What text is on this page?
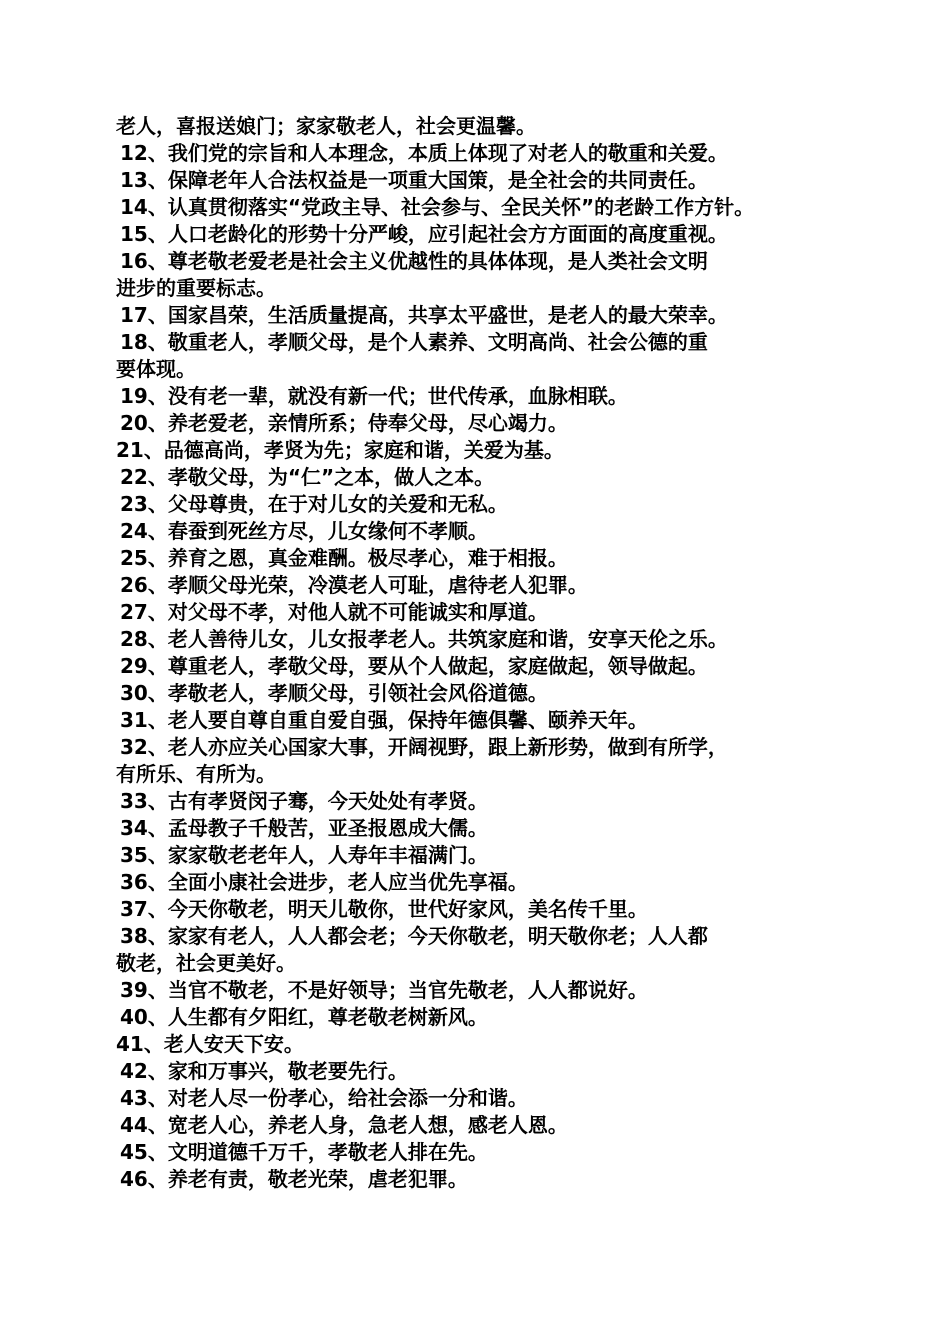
老人，喜报送娘门；家家敬老人，社会更温馨。
12、我们党的宗旨和人本理念，本质上体现了对老人的敬重和关爱。
13、保障老年人合法权益是一项重大国策，是全社会的共同责任。
14、认真贯彻落实“党政主导、社会参与、全民关怀”的老龄工作方针。
15、人口老龄化的形势十分严峻，应引起社会方方面面的高度重视。
16、尊老敬老爱老是社会主义优越性的具体体现，是人类社会文明
进步的重要标志。
17、国家昌荣，生活质量提高，共享太平盛世，是老人的最大荣幸。
18、敬重老人，孝顺父母，是个人素养、文明高尚、社会公德的重
要体现。
19、没有老一辈，就没有新一代；世代传承，血脉相联。
20、养老爱老，亲情所系；侍奉父母，尽心竭力。
21、品德高尚，孝贤为先；家庭和谐，关爱为基。
22、孝敬父母，为“仁”之本，做人之本。
23、父母尊贵，在于对儿女的关爱和无私。
24、春蚕到死丝方尽，儿女缘何不孝顺。
25、养育之恩，真金难酬。极尽孝心，难于相报。
26、孝顺父母光荣，冷漠老人可耻，虐待老人犯罪。
27、对父母不孝，对他人就不可能诚实和厚道。
28、老人善待儿女，儿女报孝老人。共筑家庭和谐，安享天伦之乐。
29、尊重老人，孝敬父母，要从个人做起，家庭做起，领导做起。
30、孝敬老人，孝顺父母，引领社会风俗道德。
31、老人要自尊自重自爱自强，保持年德俱馨、颐养天年。
32、老人亦应关心国家大事，开阔视野，跟上新形势，做到有所学，
有所乐、有所为。
33、古有孝贤闵子骞，今天处处有孝贤。
34、孟母教子千般苦，亚圣报恩成大儒。
35、家家敬老老年人，人寿年丰福满门。
36、全面小康社会进步，老人应当优先享福。
37、今天你敬老，明天儿敬你，世代好家风，美名传千里。
38、家家有老人，人人都会老；今天你敬老，明天敬你老；人人都
敬老，社会更美好。
39、当官不敬老，不是好领导；当官先敬老，人人都说好。
40、人生都有夕阳红，尊老敬老树新风。
41、老人安天下安。
42、家和万事兴，敬老要先行。
43、对老人尽一份孝心，给社会添一分和谐。
44、宽老人心，养老人身，急老人想，感老人恩。
45、文明道德千万千，孝敬老人排在先。
46、养老有责，敬老光荣，虐老犯罪。
